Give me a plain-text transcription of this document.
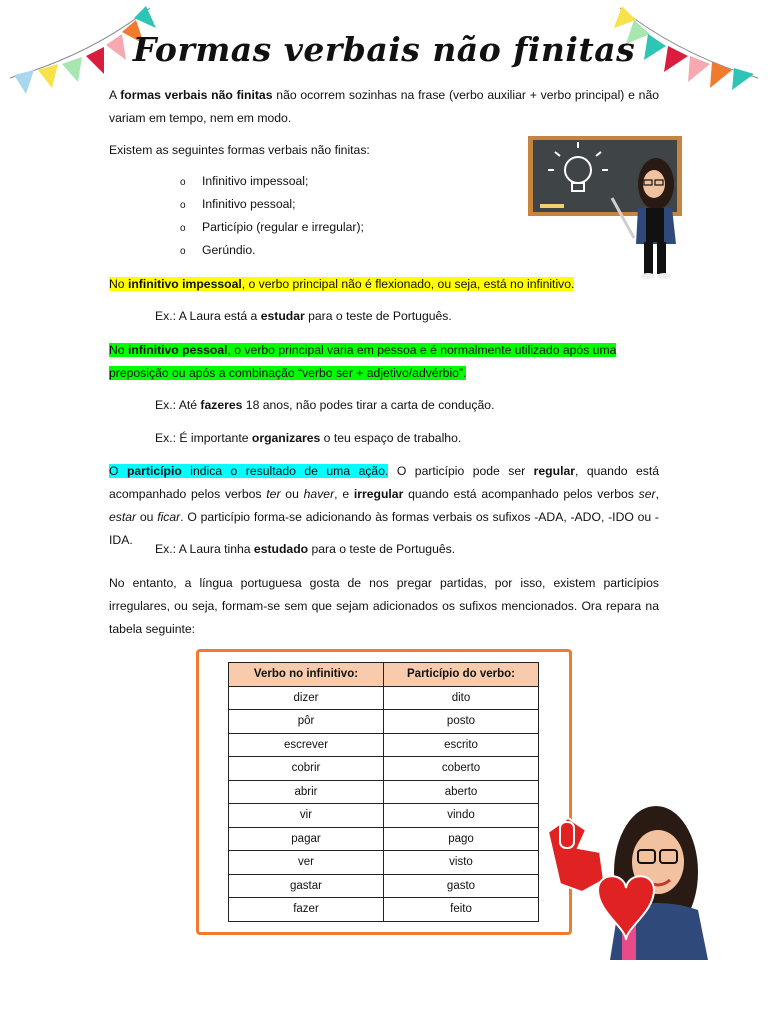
Formas verbais não finitas

A formas verbais não finitas não ocorrem sozinhas na frase (verbo auxiliar + verbo principal) e não variam em tempo, nem em modo.

Existem as seguintes formas verbais não finitas:

o Infinitivo impessoal;
o Infinitivo pessoal;
o Particípio (regular e irregular);
o Gerúndio.

No infinitivo impessoal, o verbo principal não é flexionado, ou seja, está no infinitivo.

Ex.: A Laura está a estudar para o teste de Português.

No infinitivo pessoal, o verbo principal varia em pessoa e é normalmente utilizado após uma preposição ou após a combinação “verbo ser + adjetivo/advérbio”.

Ex.: Até fazeres 18 anos, não podes tirar a carta de condução.

Ex.: É importante organizares o teu espaço de trabalho.

O particípio indica o resultado de uma ação. O particípio pode ser regular, quando está acompanhado pelos verbos ter ou haver, e irregular quando está acompanhado pelos verbos ser, estar ou ficar. O particípio forma-se adicionando às formas verbais os sufixos -ADA, -ADO, -IDO ou -IDA.

Ex.: A Laura tinha estudado para o teste de Português.

No entanto, a língua portuguesa gosta de nos pregar partidas, por isso, existem particípios irregulares, ou seja, formam-se sem que sejam adicionados os sufixos mencionados. Ora repara na tabela seguinte:

Verbo no infinitivo:	Particípio do verbo:
dizer	dito
pôr	posto
escrever	escrito
cobrir	coberto
abrir	aberto
vir	vindo
pagar	pago
ver	visto
gastar	gasto
fazer	feito
